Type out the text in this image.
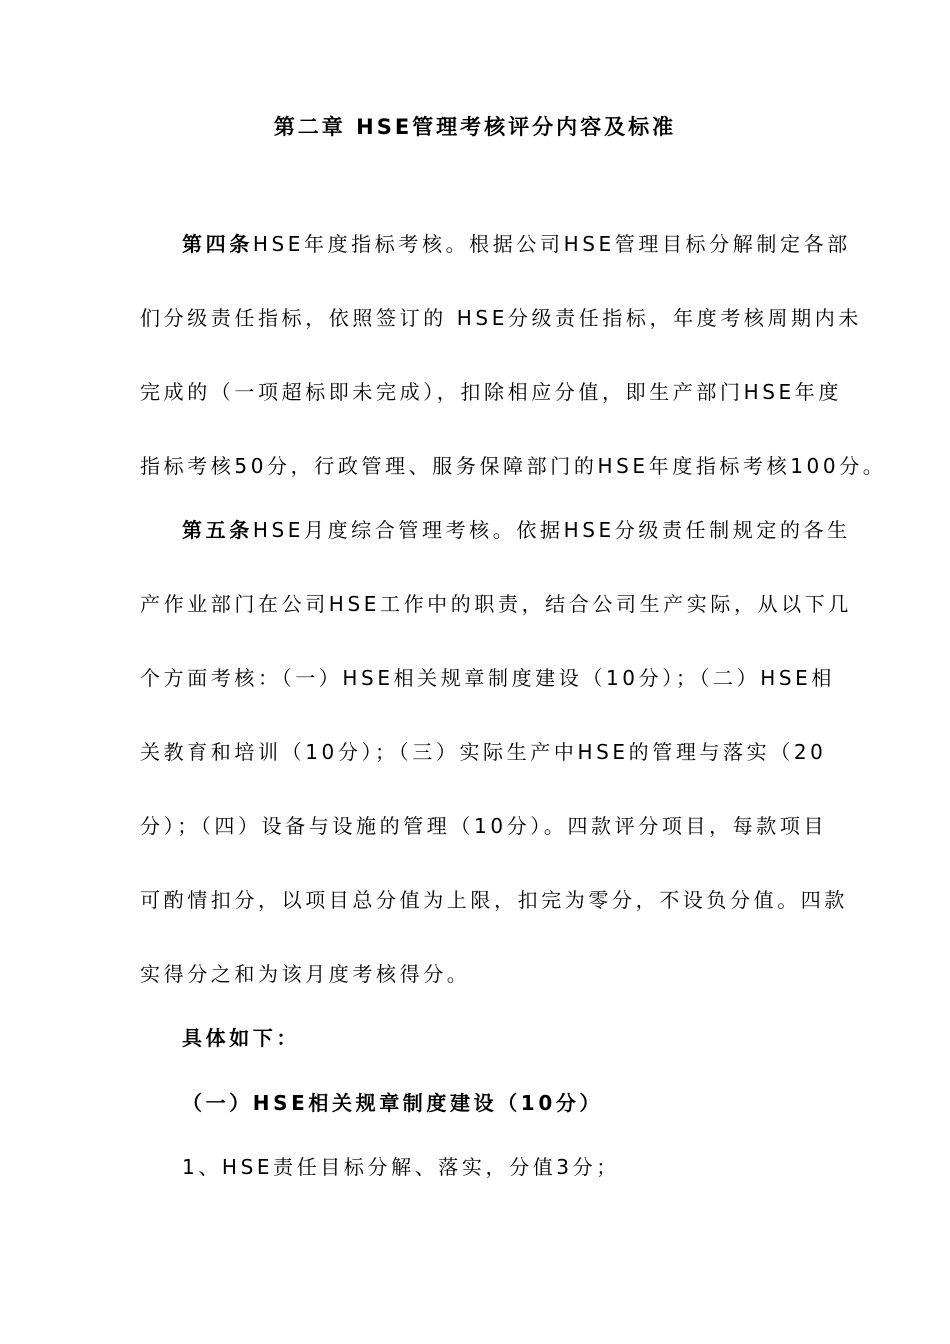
第二章 HSE管理考核评分内容及标准
第四条HSE年度指标考核。根据公司HSE管理目标分解制定各部
们分级责任指标，依照签订的 HSE分级责任指标，年度考核周期内未
完成的（一项超标即未完成），扣除相应分值，即生产部门HSE年度
指标考核50分，行政管理、服务保障部门的HSE年度指标考核100分。
第五条HSE月度综合管理考核。依据HSE分级责任制规定的各生
产作业部门在公司HSE工作中的职责，结合公司生产实际，从以下几
个方面考核：（一）HSE相关规章制度建设（10分）；（二）HSE相
关教育和培训（10分）；（三）实际生产中HSE的管理与落实（20
分）；（四）设备与设施的管理（10分）。四款评分项目，每款项目
可酌情扣分，以项目总分值为上限，扣完为零分，不设负分值。四款
实得分之和为该月度考核得分。
具体如下：
（一）HSE相关规章制度建设（10分）
1、HSE责任目标分解、落实，分值3分；
